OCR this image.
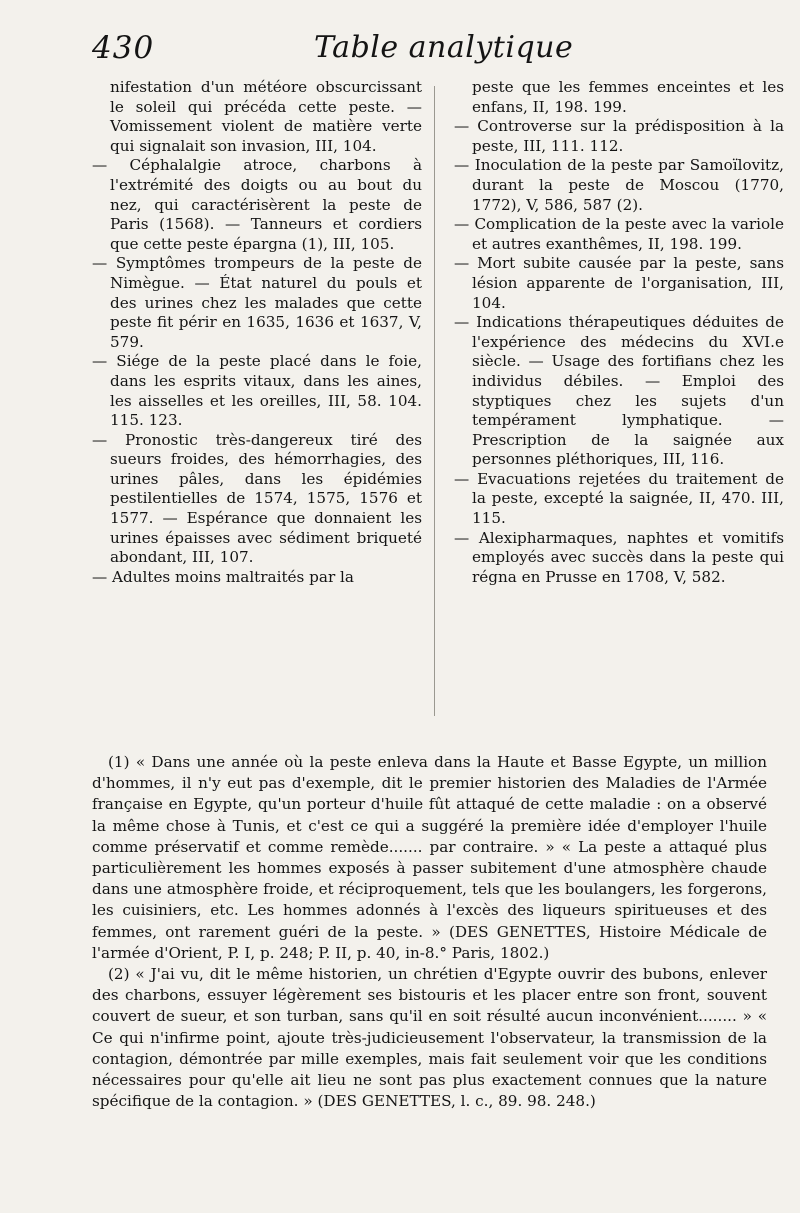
430	Table analytique

nifestation d'un météore obscurcissant le soleil qui précéda cette peste. — Vomissement violent de matière verte qui signalait son invasion, III, 104.

— Céphalalgie atroce, charbons à l'extrémité des doigts ou au bout du nez, qui caractérisèrent la peste de Paris (1568). — Tanneurs et cordiers que cette peste épargna (1), III, 105.

— Symptômes trompeurs de la peste de Nimègue. — État naturel du pouls et des urines chez les malades que cette peste fit périr en 1635, 1636 et 1637, V, 579.

— Siége de la peste placé dans le foie, dans les esprits vitaux, dans les aines, les aisselles et les oreilles, III, 58. 104. 115. 123.

— Pronostic très-dangereux tiré des sueurs froides, des hémorrhagies, des urines pâles, dans les épidémies pestilentielles de 1574, 1575, 1576 et 1577. — Espérance que donnaient les urines épaisses avec sédiment briqueté abondant, III, 107.

— Adultes moins maltraités par la

peste que les femmes enceintes et les enfans, II, 198. 199.

— Controverse sur la prédisposition à la peste, III, 111. 112.

— Inoculation de la peste par Samoïlovitz, durant la peste de Moscou (1770, 1772), V, 586, 587 (2).

— Complication de la peste avec la variole et autres exanthêmes, II, 198. 199.

— Mort subite causée par la peste, sans lésion apparente de l'organisation, III, 104.

— Indications thérapeutiques déduites de l'expérience des médecins du XVI.e siècle. — Usage des fortifians chez les individus débiles. — Emploi des styptiques chez les sujets d'un tempérament lymphatique. — Prescription de la saignée aux personnes pléthoriques, III, 116.

— Evacuations rejetées du traitement de la peste, excepté la saignée, II, 470. III, 115.

— Alexipharmaques, naphtes et vomitifs employés avec succès dans la peste qui régna en Prusse en 1708, V, 582.

(1) « Dans une année où la peste enleva dans la Haute et Basse Egypte, un million d'hommes, il n'y eut pas d'exemple, dit le premier historien des Maladies de l'Armée française en Egypte, qu'un porteur d'huile fût attaqué de cette maladie : on a observé la même chose à Tunis, et c'est ce qui a suggéré la première idée d'employer l'huile comme préservatif et comme remède....... par contraire. » « La peste a attaqué plus particulièrement les hommes exposés à passer subitement d'une atmosphère chaude dans une atmosphère froide, et réciproquement, tels que les boulangers, les forgerons, les cuisiniers, etc. Les hommes adonnés à l'excès des liqueurs spiritueuses et des femmes, ont rarement guéri de la peste. » (DES GENETTES, Histoire Médicale de l'armée d'Orient, P. I, p. 248; P. II, p. 40, in-8.° Paris, 1802.)

(2) « J'ai vu, dit le même historien, un chrétien d'Egypte ouvrir des bubons, enlever des charbons, essuyer légèrement ses bistouris et les placer entre son front, souvent couvert de sueur, et son turban, sans qu'il en soit résulté aucun inconvénient........ » « Ce qui n'infirme point, ajoute très-judicieusement l'observateur, la transmission de la contagion, démontrée par mille exemples, mais fait seulement voir que les conditions nécessaires pour qu'elle ait lieu ne sont pas plus exactement connues que la nature spécifique de la contagion. » (DES GENETTES, l. c., 89. 98. 248.)
